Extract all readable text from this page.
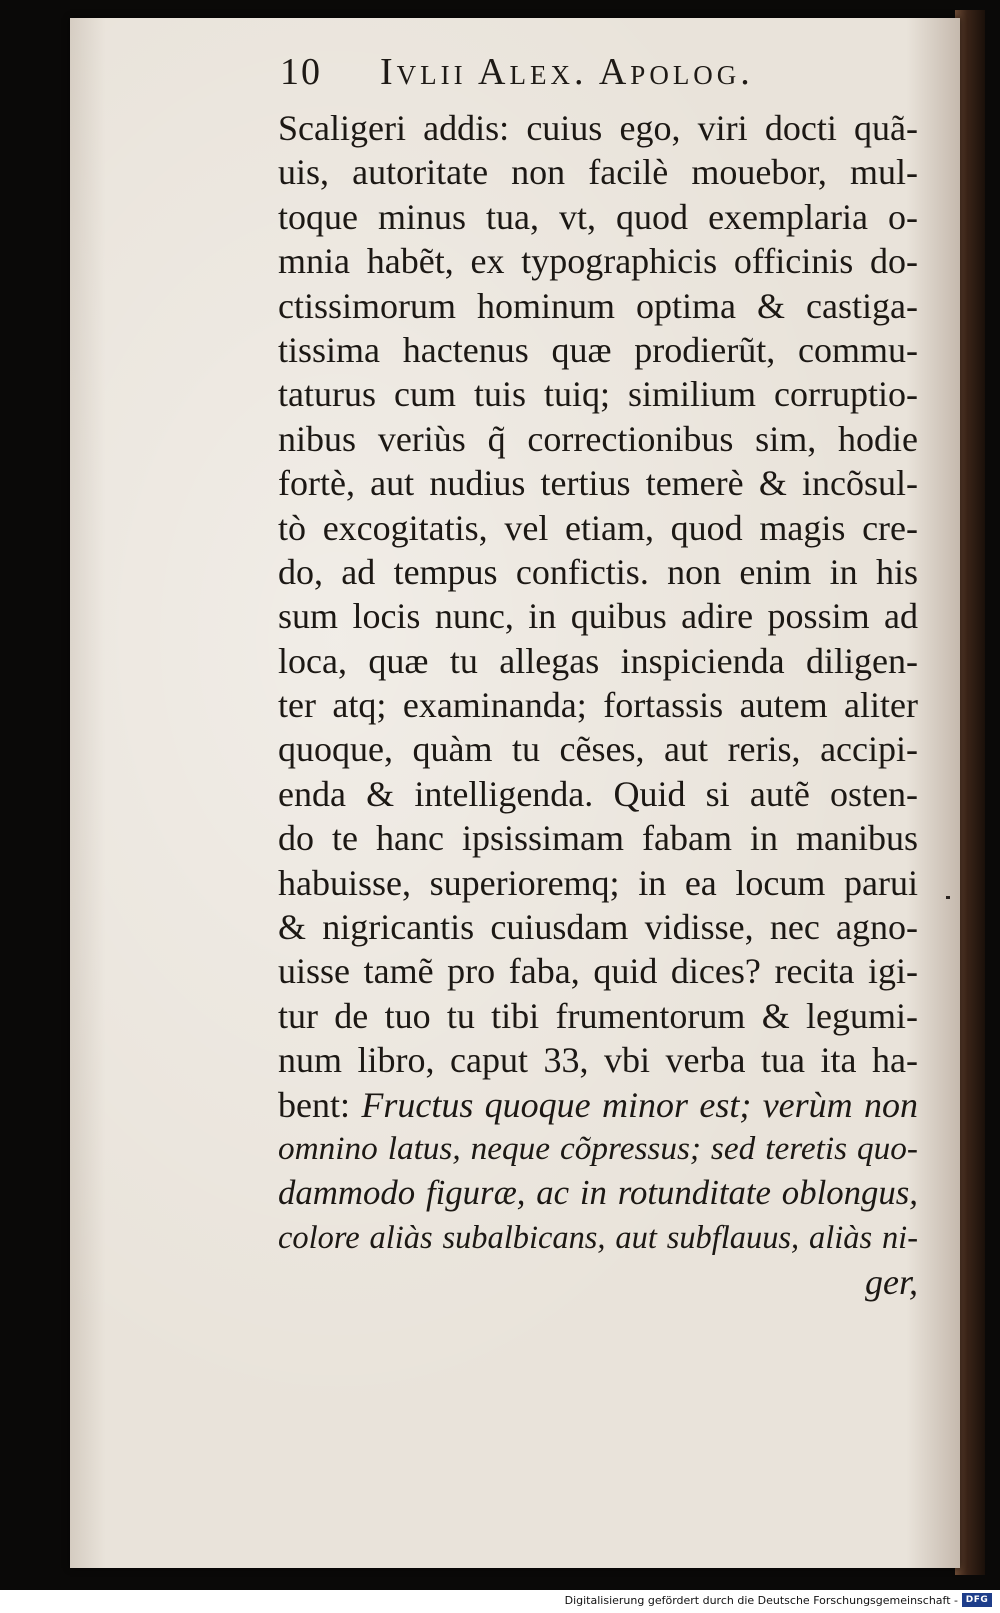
10 Ivlii Alex. Apolog.
Scaligeri addis: cuius ego, viri docti quã-
uis, autoritate non facilè mouebor, mul-
toque minus tua, vt, quod exemplaria o-
mnia habẽt, ex typographicis officinis do-
ctissimorum hominum optima & castiga-
tissima hactenus quæ prodierũt, commu-
taturus cum tuis tuiq; similium corruptio-
nibus veriùs q̃ correctionibus sim, hodie
fortè, aut nudius tertius temerè & incõsul-
tò excogitatis, vel etiam, quod magis cre-
do, ad tempus confictis. non enim in his
sum locis nunc, in quibus adire possim ad
loca, quæ tu allegas inspicienda diligen-
ter atq; examinanda; fortassis autem aliter
quoque, quàm tu cẽses, aut reris, accipi-
enda & intelligenda. Quid si autẽ osten-
do te hanc ipsissimam fabam in manibus
habuisse, superioremq; in ea locum parui
& nigricantis cuiusdam vidisse, nec agno-
uisse tamẽ pro faba, quid dices? recita igi-
tur de tuo tu tibi frumentorum & legumi-
num libro, caput 33, vbi verba tua ita ha-
bent: Fructus quoque minor est; verùm non
omnino latus, neque cõpressus; sed teretis quo-
dammodo figuræ, ac in rotunditate oblongus,
colore aliàs subalbicans, aut subflauus, aliàs ni-
ger,
Digitalisierung gefördert durch die Deutsche Forschungsgemeinschaft - DFG
